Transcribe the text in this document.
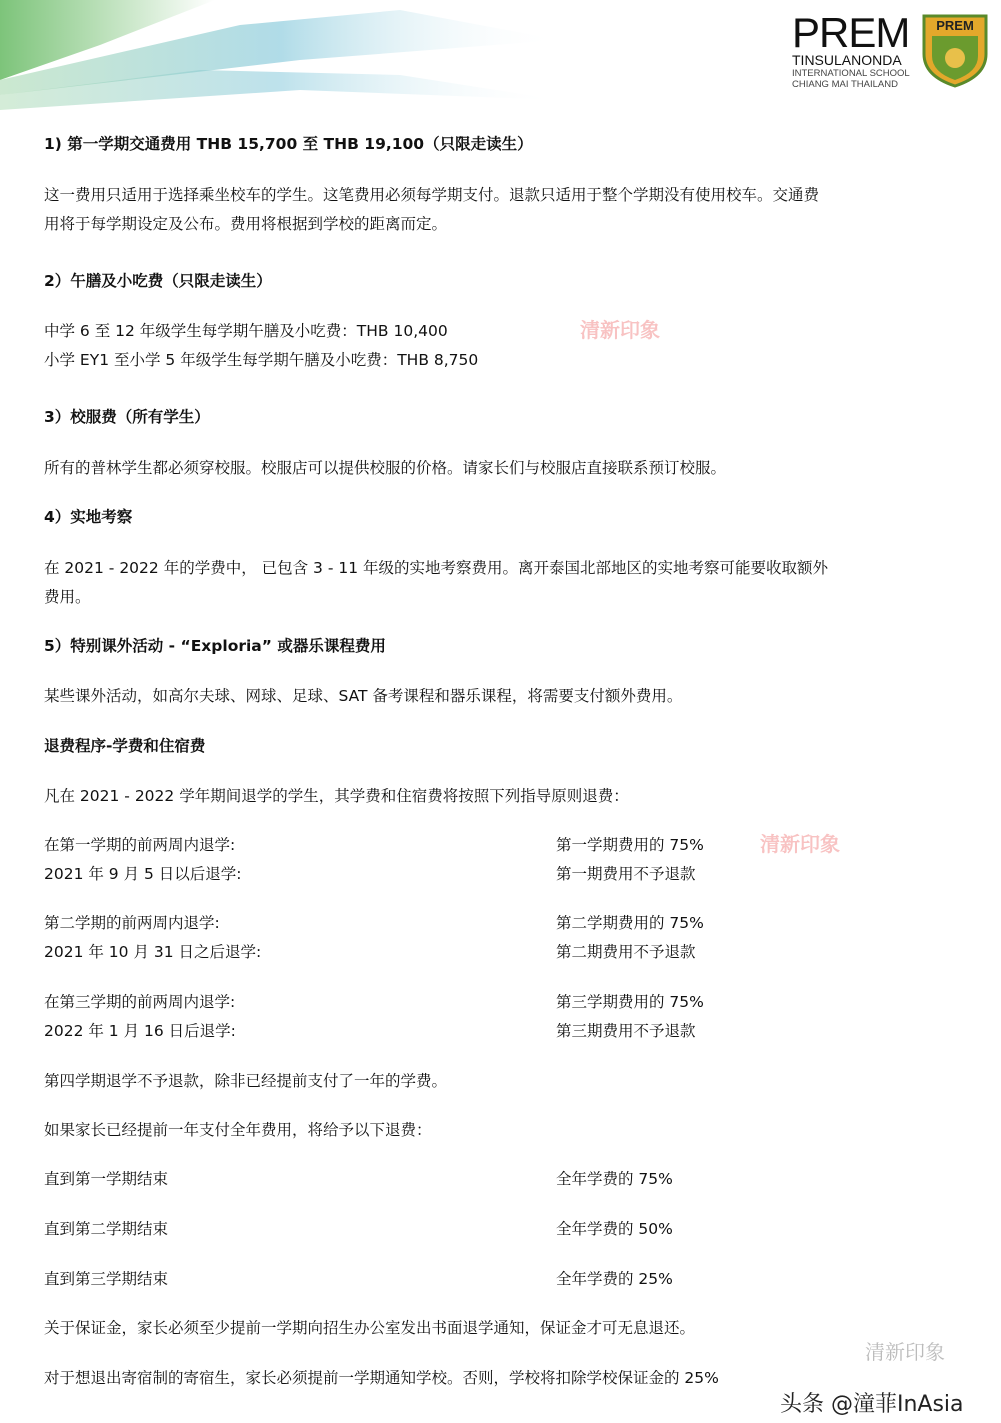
PREM
TINSULANONDA
INTERNATIONAL SCHOOL
CHIANG MAI THAILAND
PREM
1) 第一学期交通费用 THB 15,700 至 THB 19,100（只限走读生）
这一费用只适用于选择乘坐校车的学生。这笔费用必须每学期支付。退款只适用于整个学期没有使用校车。交通费
用将于每学期设定及公布。费用将根据到学校的距离而定。
2）午膳及小吃费（只限走读生）
中学 6 至 12 年级学生每学期午膳及小吃费：THB 10,400
小学 EY1 至小学 5 年级学生每学期午膳及小吃费：THB 8,750
3）校服费（所有学生）
所有的普林学生都必须穿校服。校服店可以提供校服的价格。请家长们与校服店直接联系预订校服。
4）实地考察
在 2021 - 2022 年的学费中， 已包含 3 - 11 年级的实地考察费用。离开泰国北部地区的实地考察可能要收取额外
费用。
5）特别课外活动 - “Exploria” 或器乐课程费用
某些课外活动，如高尔夫球、网球、足球、SAT 备考课程和器乐课程，将需要支付额外费用。
退费程序-学费和住宿费
凡在 2021 - 2022 学年期间退学的学生，其学费和住宿费将按照下列指导原则退费：
在第一学期的前两周内退学:	第一学期费用的 75%
2021 年 9 月 5 日以后退学:	第一期费用不予退款
第二学期的前两周内退学:	第二学期费用的 75%
2021 年 10 月 31 日之后退学:	第二期费用不予退款
在第三学期的前两周内退学:	第三学期费用的 75%
2022 年 1 月 16 日后退学:	第三期费用不予退款
第四学期退学不予退款，除非已经提前支付了一年的学费。
如果家长已经提前一年支付全年费用，将给予以下退费：
直到第一学期结束	全年学费的 75%
直到第二学期结束	全年学费的 50%
直到第三学期结束	全年学费的 25%
关于保证金，家长必须至少提前一学期向招生办公室发出书面退学通知，保证金才可无息退还。
对于想退出寄宿制的寄宿生，家长必须提前一学期通知学校。否则，学校将扣除学校保证金的 25%
清新印象
清新印象
清新印象
头条 @潼菲InAsia
